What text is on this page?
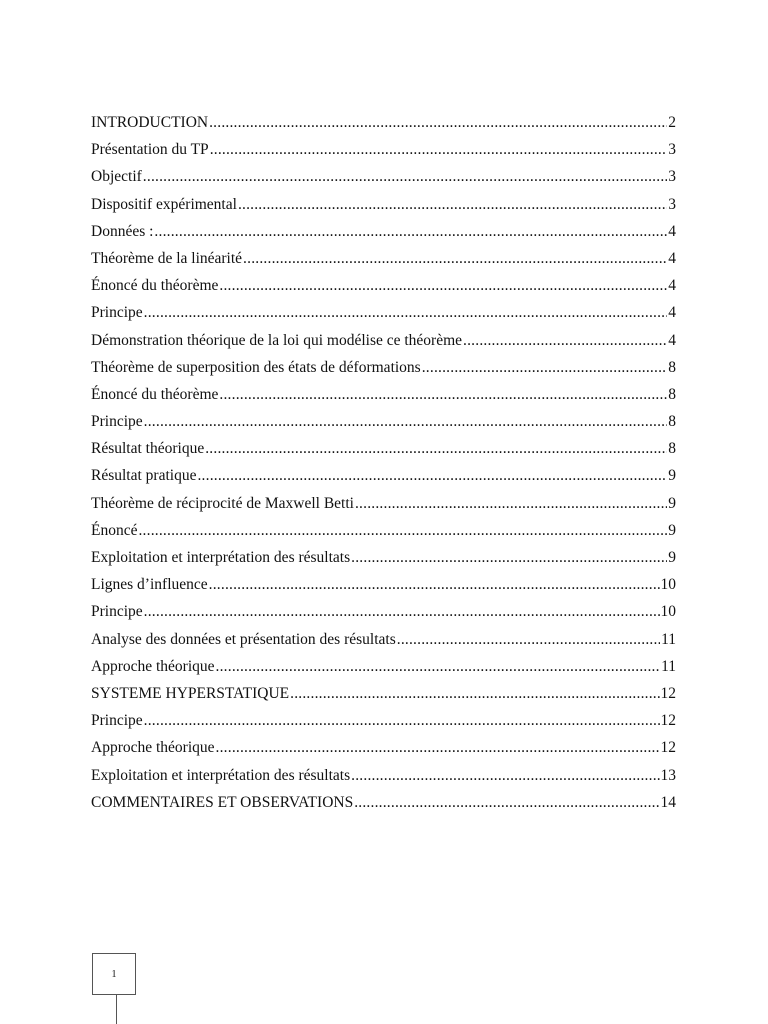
INTRODUCTION .....	2
Présentation du TP .....	3
Objectif .....	3
Dispositif expérimental .....	3
Données : .....	4
Théorème de la linéarité .....	4
Énoncé du théorème .....	4
Principe .....	4
Démonstration théorique de la loi qui modélise ce théorème .....	4
Théorème de superposition des états de déformations .....	8
Énoncé du théorème .....	8
Principe .....	8
Résultat théorique .....	8
Résultat pratique .....	9
Théorème de réciprocité de Maxwell Betti .....	9
Énoncé .....	9
Exploitation et interprétation des résultats .....	9
Lignes d’influence .....	10
Principe .....	10
Analyse des données et présentation des résultats .....	11
Approche théorique .....	11
SYSTEME HYPERSTATIQUE .....	12
Principe .....	12
Approche théorique .....	12
Exploitation et interprétation des résultats .....	13
COMMENTAIRES ET OBSERVATIONS .....	14
1
